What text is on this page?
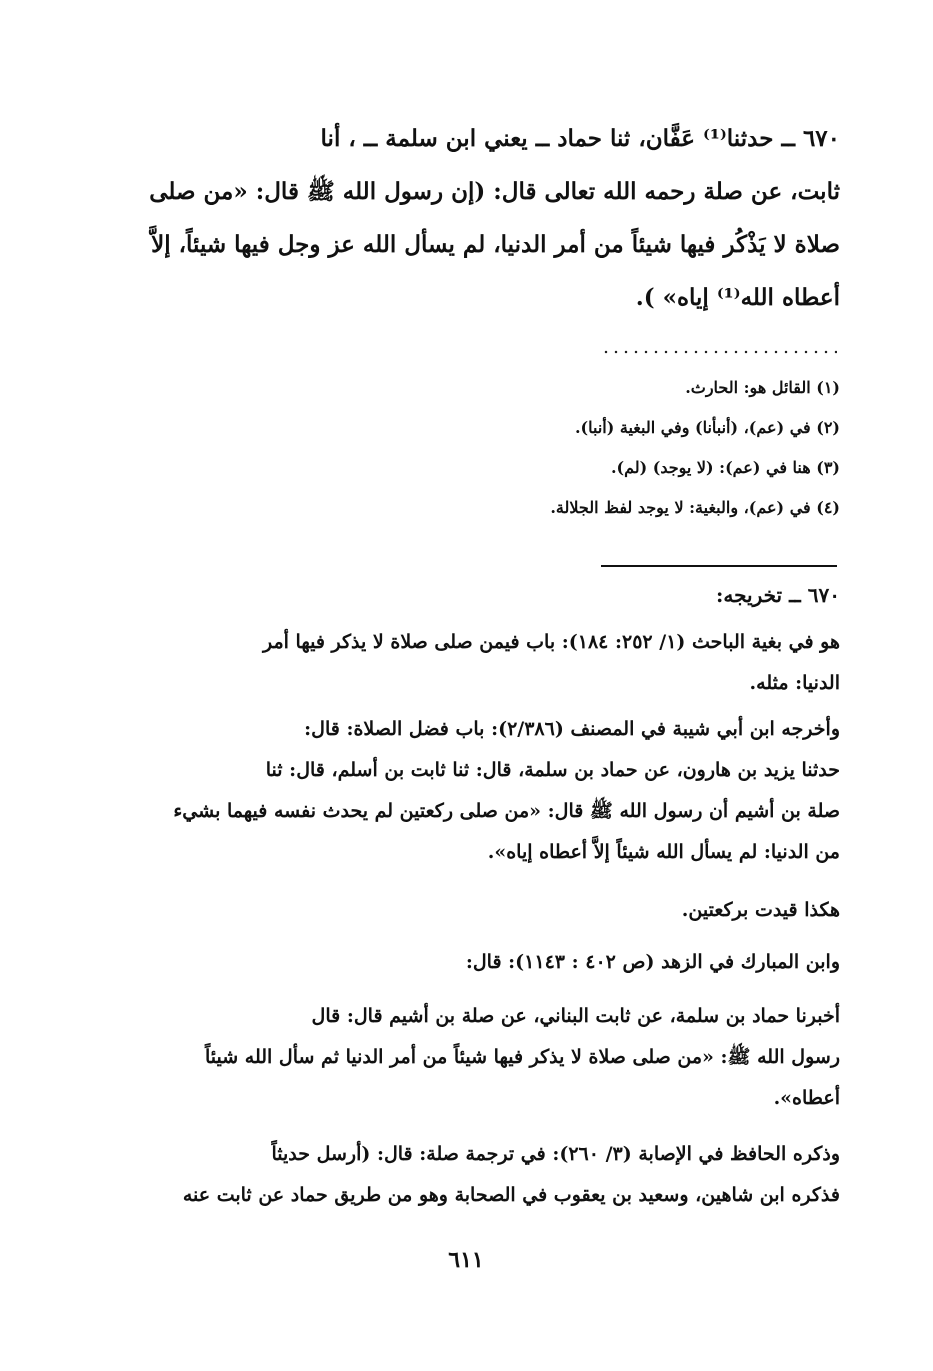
٦٧٠ ــ حدثنا⁽¹⁾ عَفَّان، ثنا حماد ــ يعني ابن سلمة ــ ، أنا
ثابت، عن صلة رحمه الله تعالى قال: (إن رسول الله ﷺ قال: «من صلى
صلاة لا يَذْكُر فيها شيئاً من أمر الدنيا، لم يسأل الله عز وجل فيها شيئاً، إلاَّ
أعطاه الله⁽¹⁾ إياه» ).
(١) القائل هو: الحارث.
(٢) في (عم)، (أنبأنا) وفي البغية (أنبا).
(٣) هنا في (عم): (لا يوجد) (لم).
(٤) في (عم)، والبغية: لا يوجد لفظ الجلالة.
٦٧٠ ــ تخريجه:
هو في بغية الباحث (١/ ٢٥٢: ١٨٤): باب فيمن صلى صلاة لا يذكر فيها أمر
الدنيا: مثله.
وأخرجه ابن أبي شيبة في المصنف (٢/٣٨٦): باب فضل الصلاة: قال:
حدثنا يزيد بن هارون، عن حماد بن سلمة، قال: ثنا ثابت بن أسلم، قال: ثنا
صلة بن أشيم أن رسول الله ﷺ قال: «من صلى ركعتين لم يحدث نفسه فيهما بشيء
من الدنيا: لم يسأل الله شيئاً إلاَّ أعطاه إياه».
هكذا قيدت بركعتين.
وابن المبارك في الزهد (ص ٤٠٢ : ١١٤٣): قال:
أخبرنا حماد بن سلمة، عن ثابت البناني، عن صلة بن أشيم قال: قال
رسول الله ﷺ: «من صلى صلاة لا يذكر فيها شيئاً من أمر الدنيا ثم سأل الله شيئاً
أعطاه».
وذكره الحافظ في الإصابة (٣/ ٢٦٠): في ترجمة صلة: قال: (أرسل حديثاً
فذكره ابن شاهين، وسعيد بن يعقوب في الصحابة وهو من طريق حماد عن ثابت عنه
٦١١
